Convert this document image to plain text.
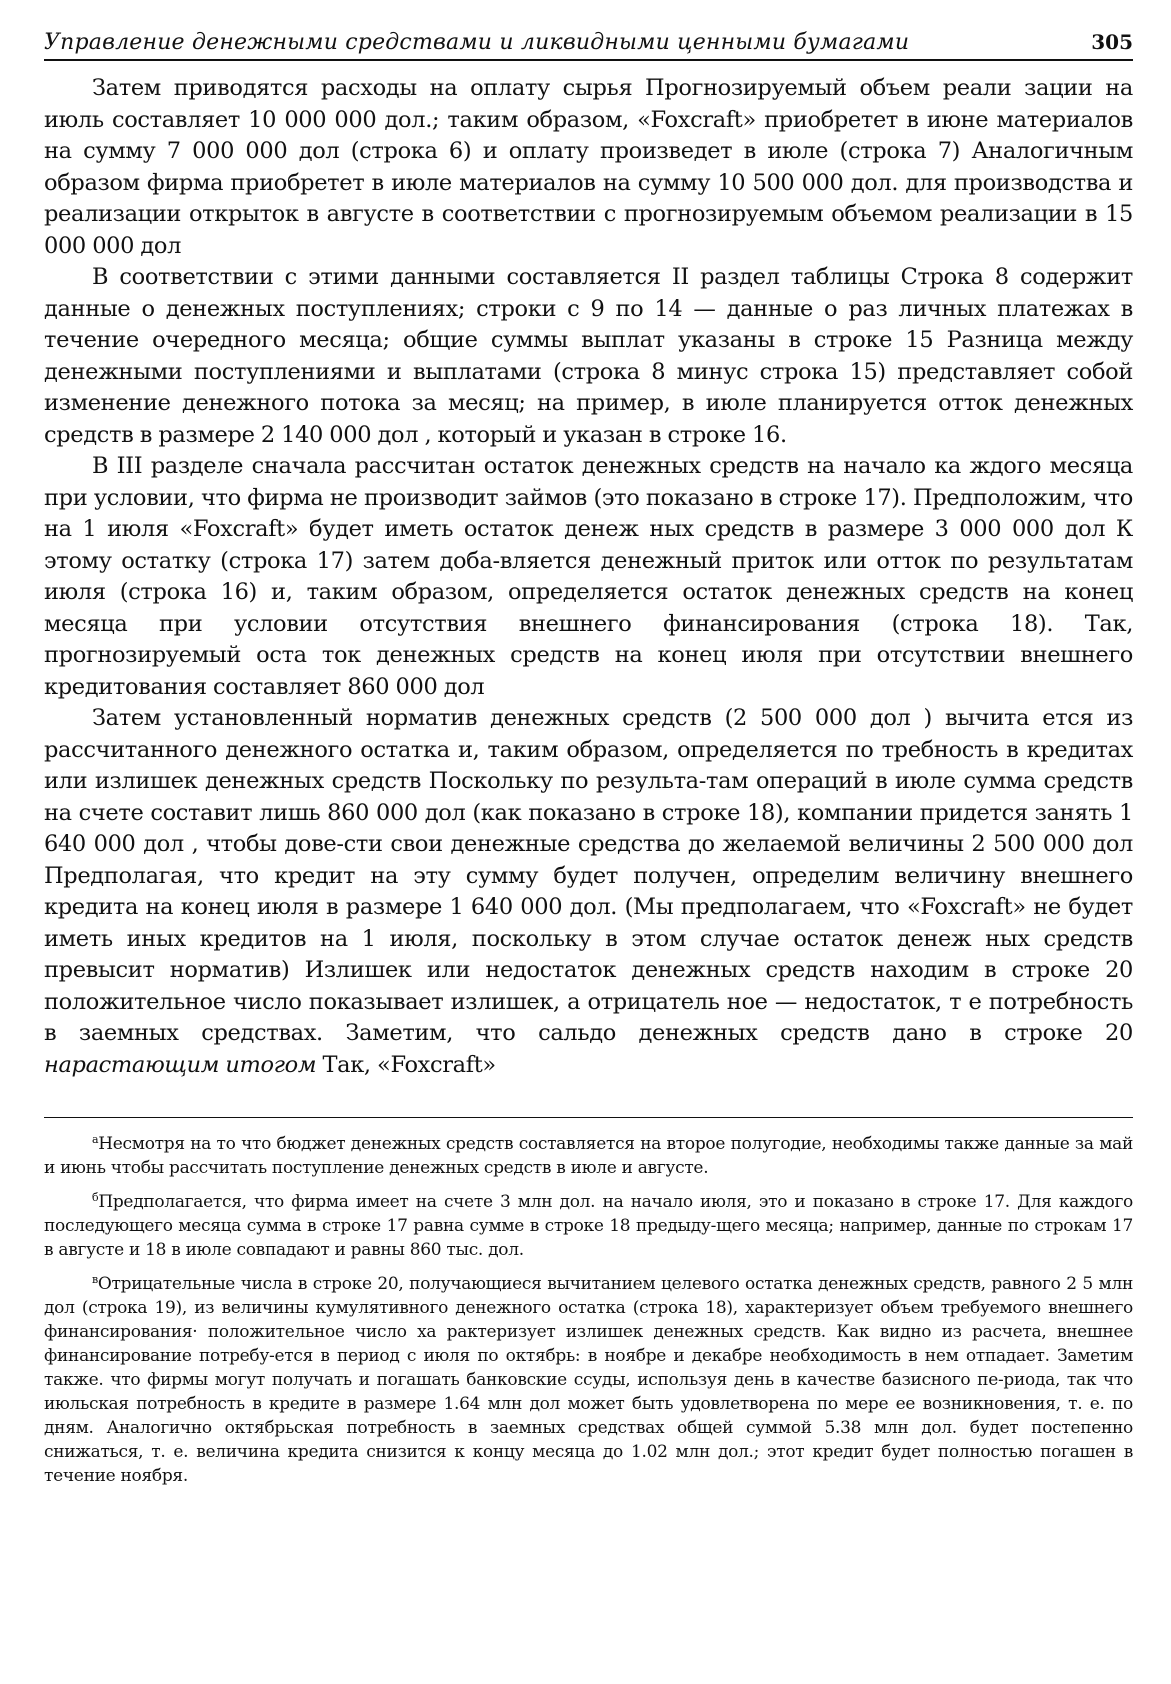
Управление денежными средствами и ликвидными ценными бумагами	305

Затем приводятся расходы на оплату сырья Прогнозируемый объем реали зации на июль составляет 10 000 000 дол.; таким образом, «Foxcraft» приобретет в июне материалов на сумму 7 000 000 дол (строка 6) и оплату произведет в июле (строка 7) Аналогичным образом фирма приобретет в июле материалов на сумму 10 500 000 дол. для производства и реализации открыток в августе в соответствии с прогнозируемым объемом реализации в 15 000 000 дол

В соответствии с этими данными составляется II раздел таблицы Строка 8 содержит данные о денежных поступлениях; строки с 9 по 14 — данные о раз личных платежах в течение очередного месяца; общие суммы выплат указаны в строке 15 Разница между денежными поступлениями и выплатами (строка 8 минус строка 15) представляет собой изменение денежного потока за месяц; на пример, в июле планируется отток денежных средств в размере 2 140 000 дол , который и указан в строке 16.

В III разделе сначала рассчитан остаток денежных средств на начало ка ждого месяца при условии, что фирма не производит займов (это показано в строке 17). Предположим, что на 1 июля «Foxcraft» будет иметь остаток денеж ных средств в размере 3 000 000 дол К этому остатку (строка 17) затем доба-вляется денежный приток или отток по результатам июля (строка 16) и, таким образом, определяется остаток денежных средств на конец месяца при условии отсутствия внешнего финансирования (строка 18). Так, прогнозируемый оста ток денежных средств на конец июля при отсутствии внешнего кредитования составляет 860 000 дол

Затем установленный норматив денежных средств (2 500 000 дол ) вычита ется из рассчитанного денежного остатка и, таким образом, определяется по требность в кредитах или излишек денежных средств Поскольку по результа-там операций в июле сумма средств на счете составит лишь 860 000 дол (как показано в строке 18), компании придется занять 1 640 000 дол , чтобы дове-сти свои денежные средства до желаемой величины 2 500 000 дол Предполагая, что кредит на эту сумму будет получен, определим величину внешнего кредита на конец июля в размере 1 640 000 дол. (Мы предполагаем, что «Foxcraft» не будет иметь иных кредитов на 1 июля, поскольку в этом случае остаток денеж ных средств превысит норматив) Излишек или недостаток денежных средств находим в строке 20 положительное число показывает излишек, а отрицатель ное — недостаток, т е потребность в заемных средствах. Заметим, что сальдо денежных средств дано в строке 20 нарастающим итогом Так, «Foxcraft»

$^а$Несмотря на то что бюджет денежных средств составляется на второе полугодие, необходимы также данные за май и июнь чтобы рассчитать поступление денежных средств в июле и августе.

$^б$Предполагается, что фирма имеет на счете 3 млн дол. на начало июля, это и показано в строке 17. Для каждого последующего месяца сумма в строке 17 равна сумме в строке 18 предыду-щего месяца; например, данные по строкам 17 в августе и 18 в июле совпадают и равны 860 тыс. дол.

$^в$Отрицательные числа в строке 20, получающиеся вычитанием целевого остатка денежных средств, равного 2 5 млн дол (строка 19), из величины кумулятивного денежного остатка (строка 18), характеризует объем требуемого внешнего финансирования· положительное число ха рактеризует излишек денежных средств. Как видно из расчета, внешнее финансирование потребу-ется в период с июля по октябрь: в ноябре и декабре необходимость в нем отпадает. Заметим также. что фирмы могут получать и погашать банковские ссуды, используя день в качестве базисного пе-риода, так что июльская потребность в кредите в размере 1.64 млн дол может быть удовлетворена по мере ее возникновения, т. е. по дням. Аналогично октябрьская потребность в заемных средствах общей суммой 5.38 млн дол. будет постепенно снижаться, т. е. величина кредита снизится к концу месяца до 1.02 млн дол.; этот кредит будет полностью погашен в течение ноября.
